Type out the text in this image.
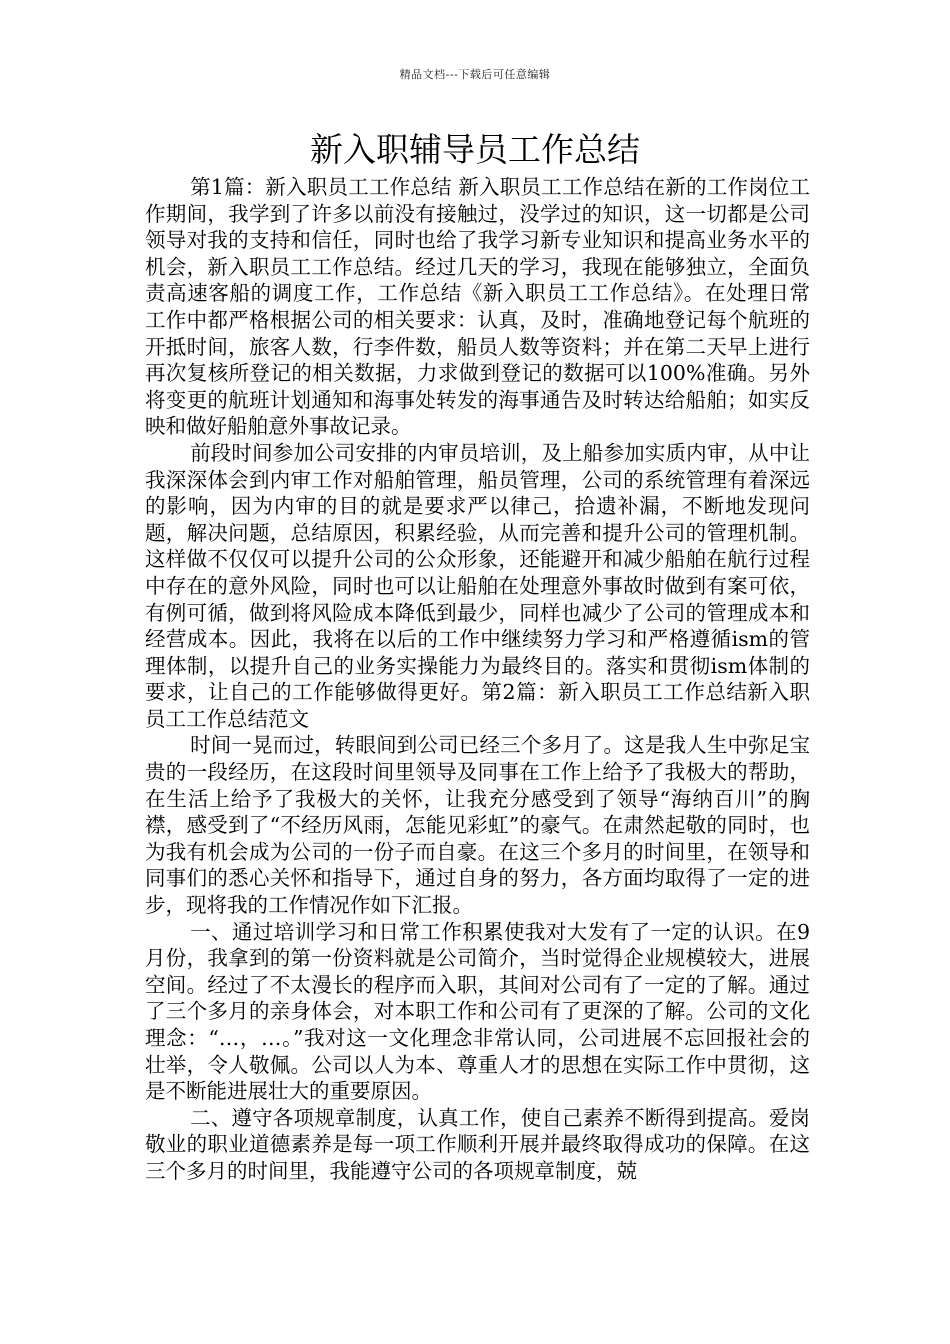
精品文档---下载后可任意编辑
新入职辅导员工作总结

第1篇：新入职员工工作总结 新入职员工工作总结在新的工作岗位工作期间，我学到了许多以前没有接触过，没学过的知识，这一切都是公司领导对我的支持和信任，同时也给了我学习新专业知识和提高业务水平的机会，新入职员工工作总结。经过几天的学习，我现在能够独立，全面负责高速客船的调度工作，工作总结《新入职员工工作总结》。在处理日常工作中都严格根据公司的相关要求：认真，及时，准确地登记每个航班的开抵时间，旅客人数，行李件数，船员人数等资料；并在第二天早上进行再次复核所登记的相关数据，力求做到登记的数据可以100%准确。另外将变更的航班计划通知和海事处转发的海事通告及时转达给船舶；如实反映和做好船舶意外事故记录。

前段时间参加公司安排的内审员培训，及上船参加实质内审，从中让我深深体会到内审工作对船舶管理，船员管理，公司的系统管理有着深远的影响，因为内审的目的就是要求严以律己，拾遗补漏，不断地发现问题，解决问题，总结原因，积累经验，从而完善和提升公司的管理机制。这样做不仅仅可以提升公司的公众形象，还能避开和减少船舶在航行过程中存在的意外风险，同时也可以让船舶在处理意外事故时做到有案可依，有例可循，做到将风险成本降低到最少，同样也减少了公司的管理成本和经营成本。因此，我将在以后的工作中继续努力学习和严格遵循ism的管理体制，以提升自己的业务实操能力为最终目的。落实和贯彻ism体制的要求，让自己的工作能够做得更好。第2篇：新入职员工工作总结新入职员工工作总结范文

时间一晃而过，转眼间到公司已经三个多月了。这是我人生中弥足宝贵的一段经历，在这段时间里领导及同事在工作上给予了我极大的帮助，在生活上给予了我极大的关怀，让我充分感受到了领导“海纳百川”的胸襟，感受到了“不经历风雨，怎能见彩虹”的豪气。在肃然起敬的同时，也为我有机会成为公司的一份子而自豪。在这三个多月的时间里，在领导和同事们的悉心关怀和指导下，通过自身的努力，各方面均取得了一定的进步，现将我的工作情况作如下汇报。

一、通过培训学习和日常工作积累使我对大发有了一定的认识。在9月份，我拿到的第一份资料就是公司简介，当时觉得企业规模较大，进展空间。经过了不太漫长的程序而入职，其间对公司有了一定的了解。通过了三个多月的亲身体会，对本职工作和公司有了更深的了解。公司的文化理念：“…，…。”我对这一文化理念非常认同，公司进展不忘回报社会的壮举，令人敬佩。公司以人为本、尊重人才的思想在实际工作中贯彻，这是不断能进展壮大的重要原因。

二、遵守各项规章制度，认真工作，使自己素养不断得到提高。爱岗敬业的职业道德素养是每一项工作顺利开展并最终取得成功的保障。在这三个多月的时间里，我能遵守公司的各项规章制度，兢
